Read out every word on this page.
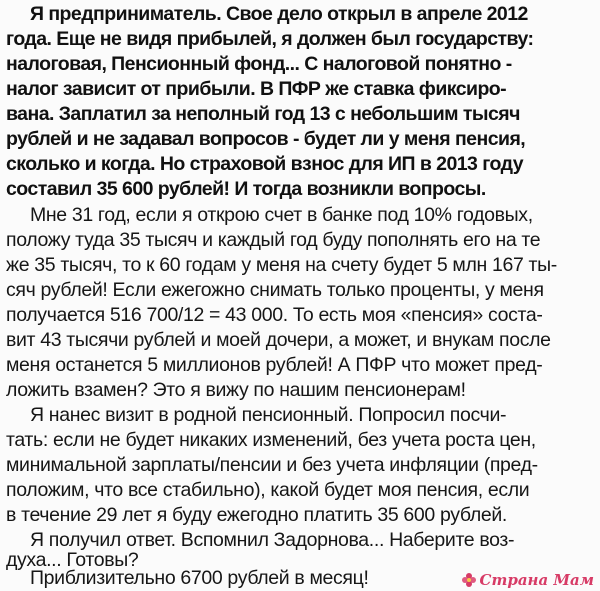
Я предприниматель. Свое дело открыл в апреле 2012
года. Еще не видя прибылей, я должен был государству:
налоговая, Пенсионный фонд... С налоговой понятно -
налог зависит от прибыли. В ПФР же ставка фиксиро-
вана. Заплатил за неполный год 13 с небольшим тысяч
рублей и не задавал вопросов - будет ли у меня пенсия,
сколько и когда. Но страховой взнос для ИП в 2013 году
составил 35 600 рублей! И тогда возникли вопросы.
Мне 31 год, если я открою счет в банке под 10% годовых,
положу туда 35 тысяч и каждый год буду пополнять его на те
же 35 тысяч, то к 60 годам у меня на счету будет 5 млн 167 ты-
сяч рублей! Если ежегожно снимать только проценты, у меня
получается 516 700/12 = 43 000. То есть моя «пенсия» соста-
вит 43 тысячи рублей и моей дочери, а может, и внукам после
меня останется 5 миллионов рублей! А ПФР что может пред-
ложить взамен? Это я вижу по нашим пенсионерам!
Я нанес визит в родной пенсионный. Попросил посчи-
тать: если не будет никаких изменений, без учета роста цен,
минимальной зарплаты/пенсии и без учета инфляции (пред-
положим, что все стабильно), какой будет моя пенсия, если
в течение 29 лет я буду ежегодно платить 35 600 рублей.
Я получил ответ. Вспомнил Задорнова... Наберите воз-
духа... Готовы?
Приблизительно 6700 рублей в месяц!	Страна Мам
